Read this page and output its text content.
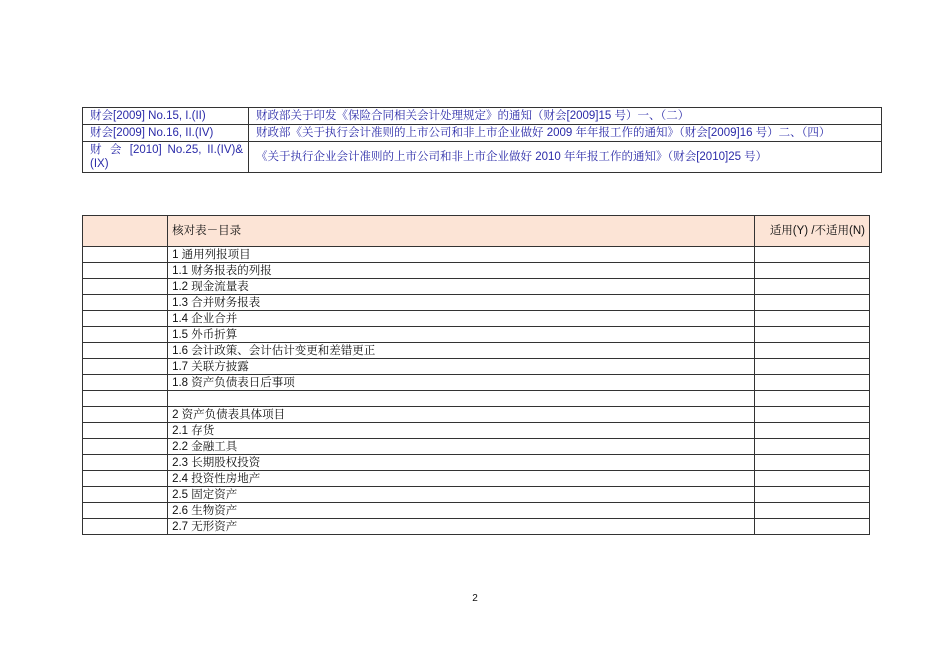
财会[2009] No.15, I.(II)	财政部关于印发《保险合同相关会计处理规定》的通知（财会[2009]15 号）一、（二）
财会[2009] No.16, II.(IV)	财政部《关于执行会计准则的上市公司和非上市企业做好 2009 年年报工作的通知》（财会[2009]16 号）二、（四）
财 会 [2010] No.25, II.(IV)&(IX)	《关于执行企业会计准则的上市公司和非上市企业做好 2010 年年报工作的通知》（财会[2010]25 号）
	核对表－目录	适用(Y) /不适用(N)
	1 通用列报项目	
	1.1 财务报表的列报	
	1.2 现金流量表	
	1.3 合并财务报表	
	1.4 企业合并	
	1.5 外币折算	
	1.6 会计政策、会计估计变更和差错更正	
	1.7 关联方披露	
	1.8 资产负债表日后事项	

	2 资产负债表具体项目	
	2.1 存货	
	2.2 金融工具	
	2.3 长期股权投资	
	2.4 投资性房地产	
	2.5 固定资产	
	2.6 生物资产	
	2.7 无形资产	
2
